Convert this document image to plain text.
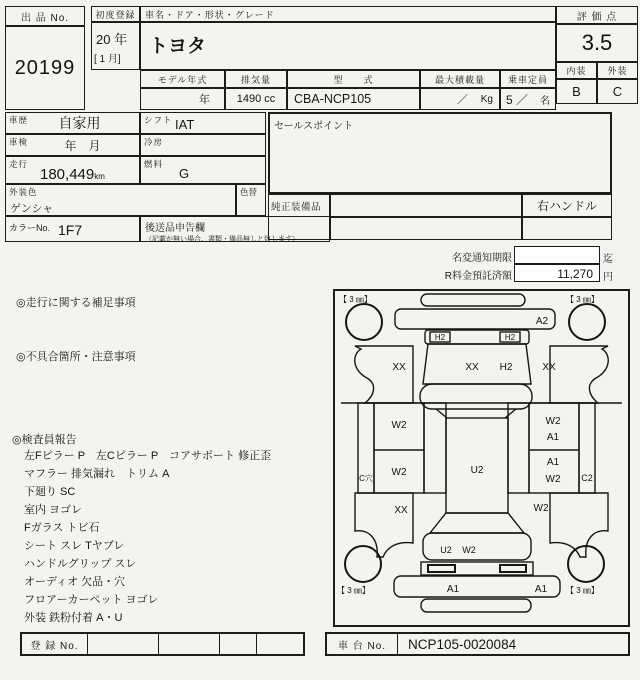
出 品 No.
20199
初度登録
20 年
[ 1 月]
車名・ドア・形状・グレード
トヨタ
モデル年式
年
排気量
1490 cc
型　　式
CBA-NCP105
最大積載量
／ Kg
乗車定員
5 ／ 名
評 価 点
3.5
内装	外装
B	C
車歴	自家用	シフト IAT
車検	年　月	冷房
走行
180,449km
燃料
G
外装色
ゲンシャ
色替
カラーNo. 1F7	後送品申告欄
（記載が無い場合、書類・備品無しと致します）
セールスポイント
純正装備品	右ハンドル
名変通知期限	迄
R料金預託済額	11,270	円
◎走行に関する補足事項
◎不具合箇所・注意事項
◎検査員報告
左Fピラー P　左Cピラー P　コアサポート 修正歪
マフラー 排気漏れ　トリム A
下廻り SC
室内 ヨゴレ
Fガラス トビ石
シート スレ Tヤブレ
ハンドルグリップ スレ
オーディオ 欠品・穴
フロアーカーペット ヨゴレ
外装 鉄粉付着 A・U
【 3 ㎜】	【 3 ㎜】
A2
H2	H2
XX	XX H2	XX
W2
W2	U2
W2
A1
A1
W2
C穴	C2
XX	W2
U2 W2
A1	A1
【 3 ㎜】	【 3 ㎜】
登 録 No.	車 台 No.	NCP105-0020084
